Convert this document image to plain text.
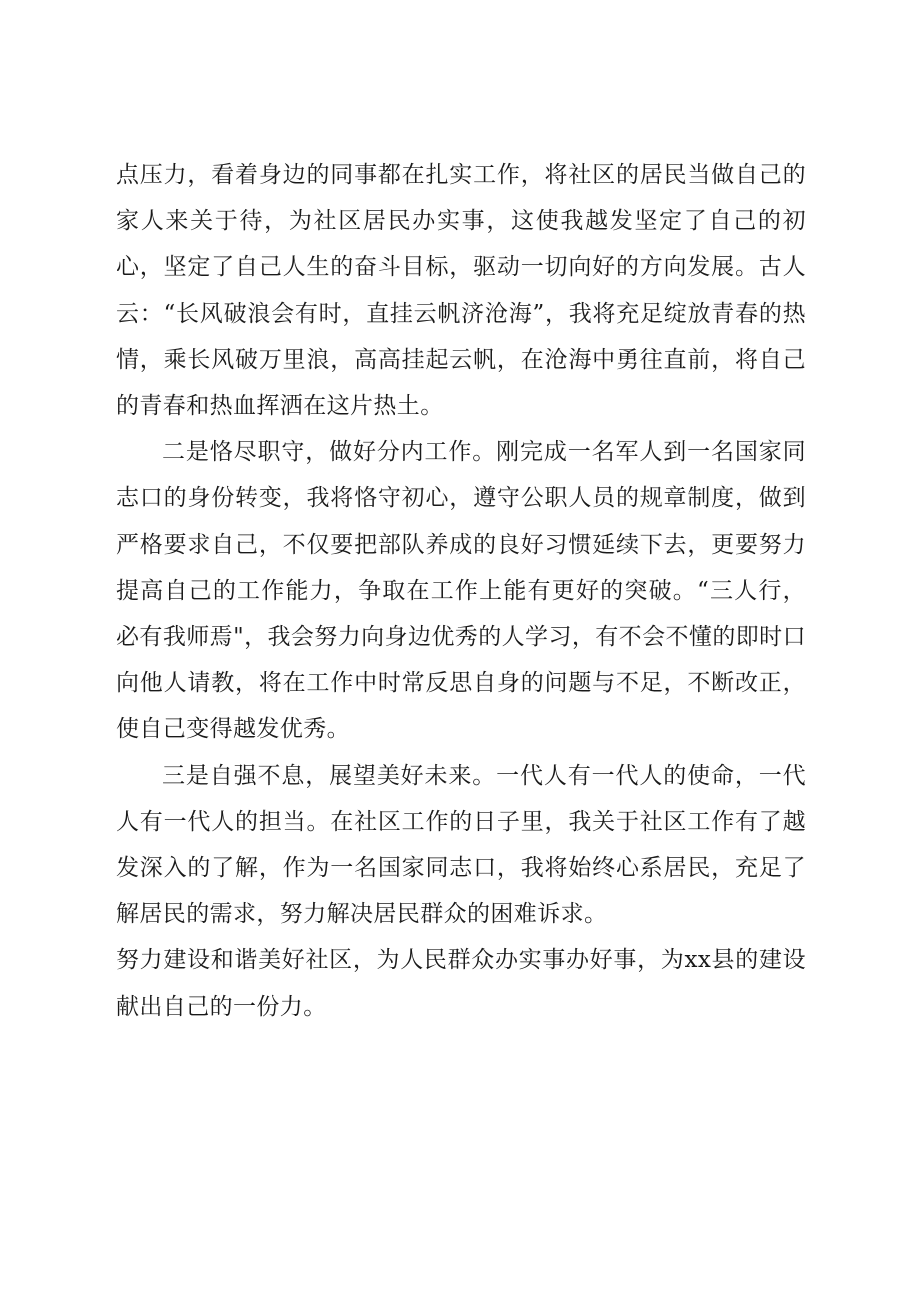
点压力，看着身边的同事都在扎实工作，将社区的居民当做自己的家人来关于待，为社区居民办实事，这使我越发坚定了自己的初心，坚定了自己人生的奋斗目标，驱动一切向好的方向发展。古人云：“长风破浪会有时，直挂云帆济沧海”，我将充足绽放青春的热情，乘长风破万里浪，高高挂起云帆，在沧海中勇往直前，将自己的青春和热血挥洒在这片热土。

二是恪尽职守，做好分内工作。刚完成一名军人到一名国家同志口的身份转变，我将恪守初心，遵守公职人员的规章制度，做到严格要求自己，不仅要把部队养成的良好习惯延续下去，更要努力提高自己的工作能力，争取在工作上能有更好的突破。“三人行，必有我师焉"，我会努力向身边优秀的人学习，有不会不懂的即时口向他人请教，将在工作中时常反思自身的问题与不足，不断改正，使自己变得越发优秀。

三是自强不息，展望美好未来。一代人有一代人的使命，一代人有一代人的担当。在社区工作的日子里，我关于社区工作有了越发深入的了解，作为一名国家同志口，我将始终心系居民，充足了解居民的需求，努力解决居民群众的困难诉求。

努力建设和谐美好社区，为人民群众办实事办好事，为xx县的建设献出自己的一份力。
